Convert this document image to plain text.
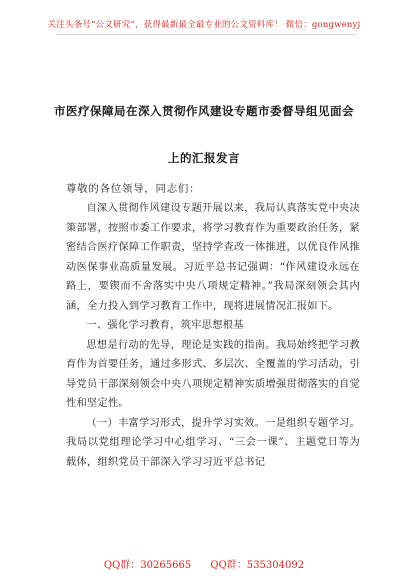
关注头条号“公文研究”，获得最新最全最专业的公文资料库！ 微信：gongwenyj
市医疗保障局在深入贯彻作风建设专题市委督导组见面会
上的汇报发言
尊敬的各位领导，同志们：

自深入贯彻作风建设专题开展以来，我局认真落实党中央决策部署，按照市委工作要求，将学习教育作为重要政治任务，紧密结合医疗保障工作职责，坚持学查改一体推进，以优良作风推动医保事业高质量发展。习近平总书记强调：“作风建设永远在路上，要锲而不舍落实中央八项规定精神。”我局深刻领会其内涵，全力投入到学习教育工作中，现将进展情况汇报如下。

一、强化学习教育，筑牢思想根基

思想是行动的先导，理论是实践的指南。我局始终把学习教育作为首要任务，通过多形式、多层次、全覆盖的学习活动，引导党员干部深刻领会中央八项规定精神实质增强贯彻落实的自觉性和坚定性。

（一）丰富学习形式，提升学习实效。一是组织专题学习。我局以党组理论学习中心组学习、“三会一课”、主题党日等为载体，组织党员干部深入学习习近平总书记

QQ群：30265665 QQ群：535304092
